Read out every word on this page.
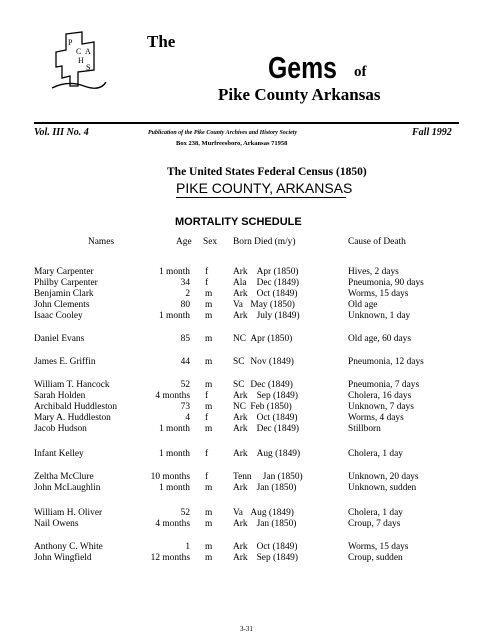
P
C A
H
S
The
Gems of
Pike County Arkansas
Vol. III No. 4	Publication of the Pike County Archives and History Society	Fall 1992
Box 238, Murfreesboro, Arkansas 71958
The United States Federal Census (1850)
PIKE COUNTY, ARKANSAS
MORTALITY SCHEDULE
Names	Age Sex Born Died (m/y)	Cause of Death
Mary Carpenter	1 month f	Ark Apr (1850)	Hives, 2 days
Philby Carpenter	34 f	Ala Dec (1849)	Pneumonia, 90 days
Benjamin Clark	2 m Ark Oct (1849)	Worms, 15 days
John Clements	80 m Va May (1850)	Old age
Isaac Cooley	1 month m Ark July (1849)	Unknown, 1 day
Daniel Evans	85 m NC Apr (1850)	Old age, 60 days
James E. Griffin	44 m SC Nov (1849)	Pneumonia, 12 days
William T. Hancock	52 m SC Dec (1849)	Pneumonia, 7 days
Sarah Holden	4 months f	Ark Sep (1849)	Cholera, 16 days
Archibald Huddleston	73 m NC Feb (1850)	Unknown, 7 days
Mary A. Huddleston	4 f	Ark Oct (1849)	Worms, 4 days
Jacob Hudson	1 month m Ark Dec (1849)	Stillborn
Infant Kelley	1 month f	Ark Aug (1849)	Cholera, 1 day
Zeltha McClure	10 months f	Tenn Jan (1850)	Unknown, 20 days
John McLaughlin	1 month m Ark Jan (1850)	Unknown, sudden
William H. Oliver	52 m Va Aug (1849)	Cholera, 1 day
Nail Owens	4 months m Ark Jan (1850)	Croup, 7 days
Anthony C. White	1 m Ark Oct (1849)	Worms, 15 days
John Wingfield	12 months m Ark Sep (1849)	Croup, sudden
3-31
